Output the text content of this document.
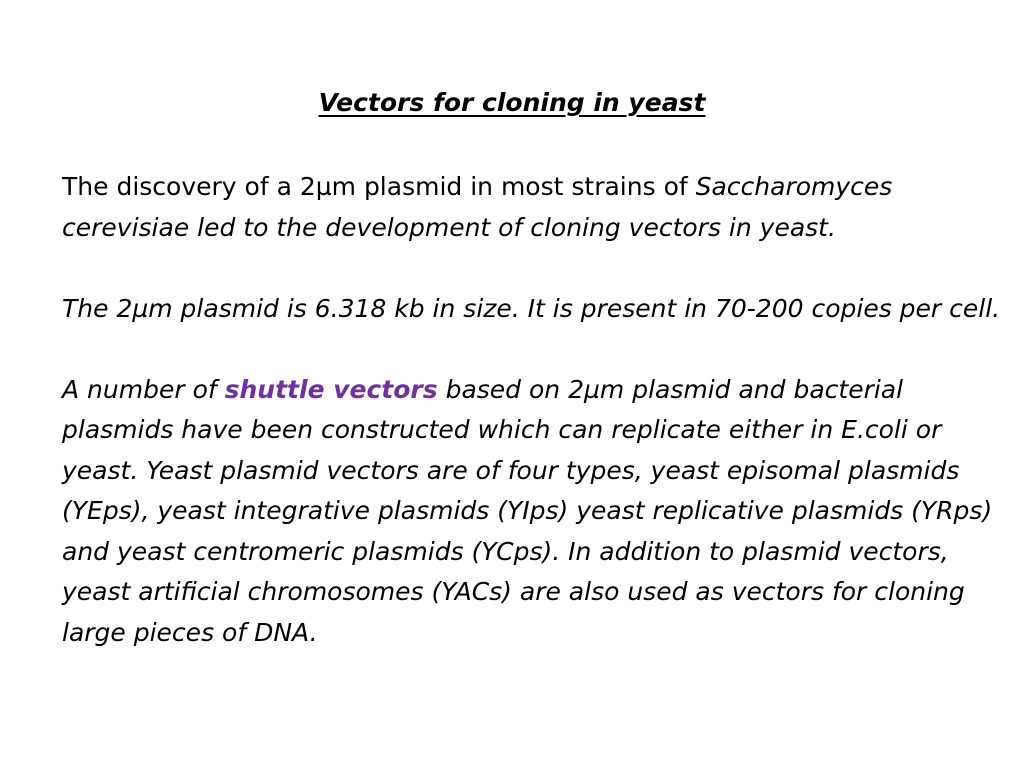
Vectors for cloning in yeast

The discovery of a 2µm plasmid in most strains of Saccharomyces cerevisiae led to the development of cloning vectors in yeast.

The 2µm plasmid is 6.318 kb in size. It is present in 70-200 copies per cell.

A number of shuttle vectors based on 2µm plasmid and bacterial plasmids have been constructed which can replicate either in E.coli or yeast. Yeast plasmid vectors are of four types, yeast episomal plasmids (YEps), yeast integrative plasmids (YIps) yeast replicative plasmids (YRps) and yeast centromeric plasmids (YCps). In addition to plasmid vectors, yeast artificial chromosomes (YACs) are also used as vectors for cloning large pieces of DNA.
